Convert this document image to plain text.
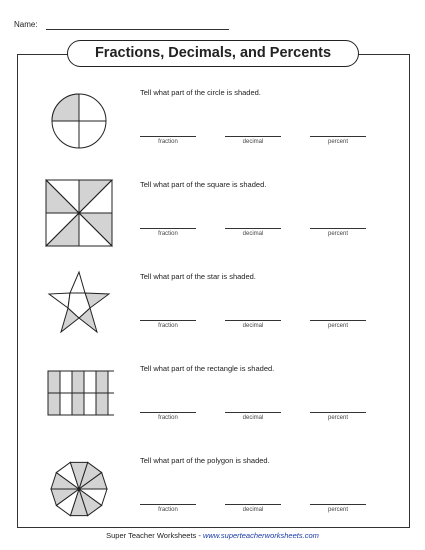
Name:
Fractions, Decimals, and Percents
Tell what part of the circle is shaded.
fraction	decimal	percent
Tell what part of the square is shaded.
fraction	decimal	percent
Tell what part of the star is shaded.
fraction	decimal	percent
Tell what part of the rectangle is shaded.
fraction	decimal	percent
Tell what part of the polygon is shaded.
fraction	decimal	percent
Super Teacher Worksheets - www.superteacherworksheets.com
